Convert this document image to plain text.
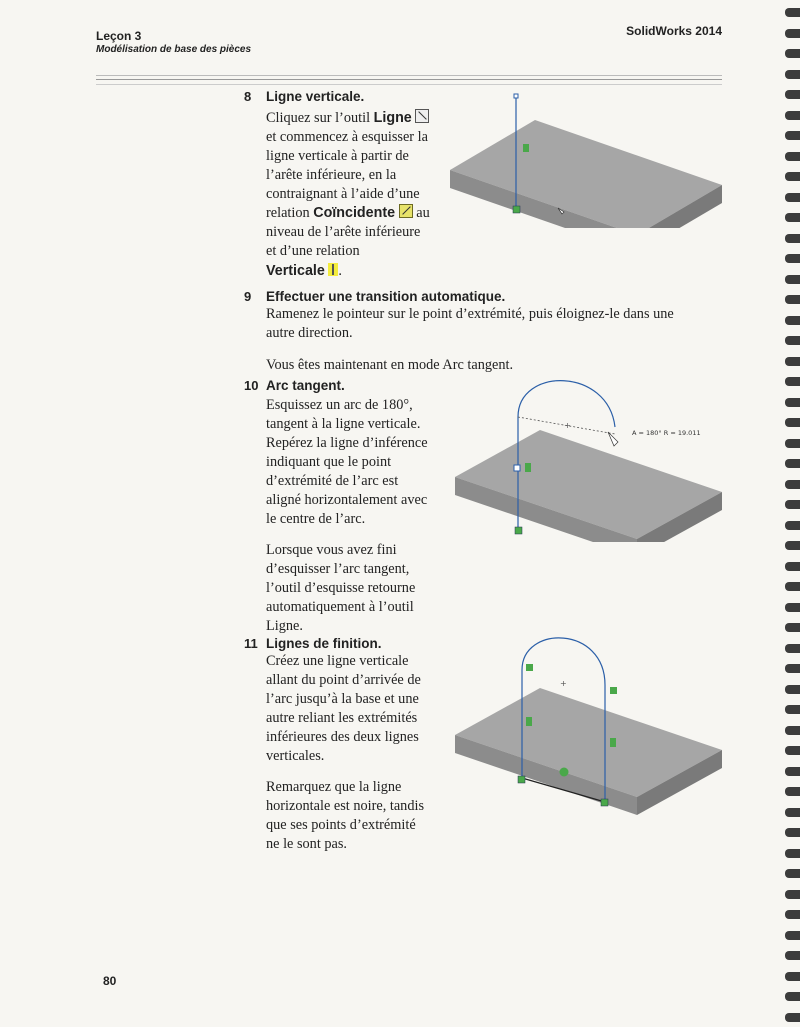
Leçon 3
Modélisation de base des pièces
SolidWorks 2014
8 Ligne verticale.
Cliquez sur l’outil Ligne
et commencez à esquisser la
ligne verticale à partir de
l’arête inférieure, en la
contraignant à l’aide d’une
relation Coïncidente  au
niveau de l’arête inférieure
et d’une relation
Verticale .
9 Effectuer une transition automatique.
Ramenez le pointeur sur le point d’extrémité, puis éloignez-le dans une
autre direction.
Vous êtes maintenant en mode Arc tangent.
10 Arc tangent.
Esquissez un arc de 180°,
tangent à la ligne verticale.
Repérez la ligne d’inférence
indiquant que le point
d’extrémité de l’arc est
aligné horizontalement avec
le centre de l’arc.
Lorsque vous avez fini
d’esquisser l’arc tangent,
l’outil d’esquisse retourne
automatiquement à l’outil
Ligne.
+
A = 180° R = 19.011
11 Lignes de finition.
Créez une ligne verticale
allant du point d’arrivée de
l’arc jusqu’à la base et une
autre reliant les extrémités
inférieures des deux lignes
verticales.
Remarquez que la ligne
horizontale est noire, tandis
que ses points d’extrémité
ne le sont pas.
+
80
